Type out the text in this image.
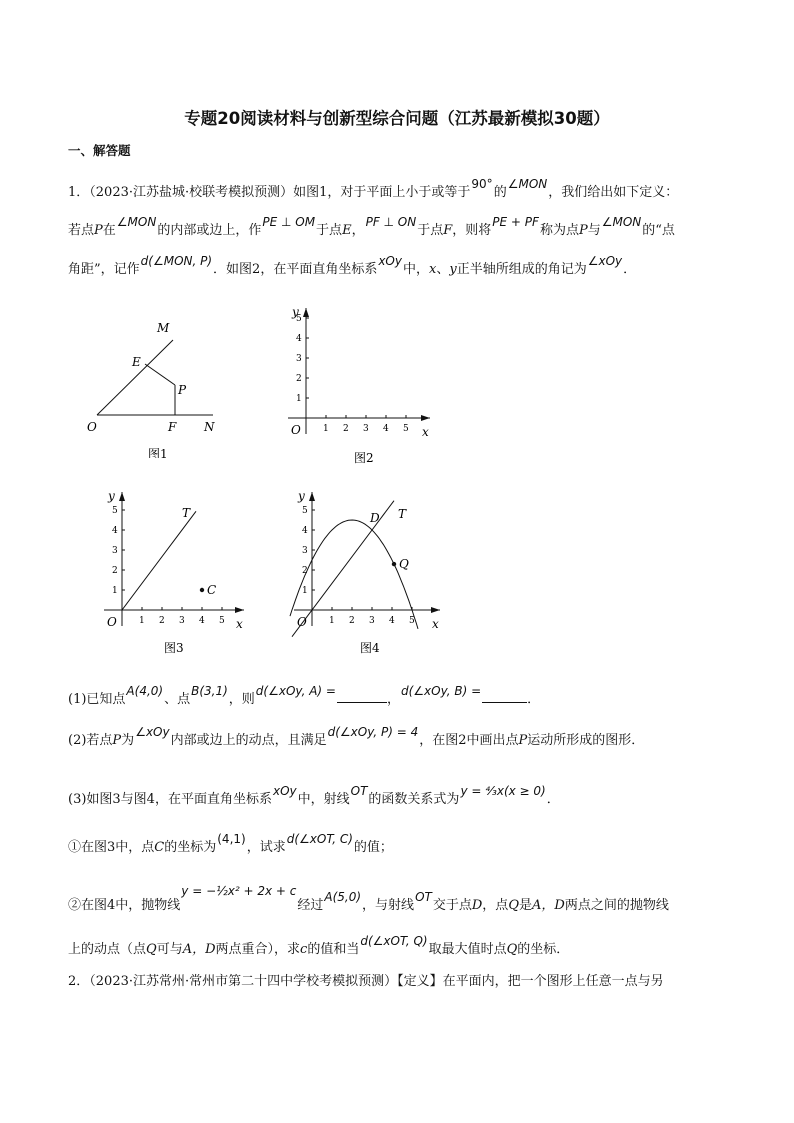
专题20阅读材料与创新型综合问题（江苏最新模拟30题）
一、解答题
1．（2023·江苏盐城·校联考模拟预测）如图1，对于平面上小于或等于90°的∠MON，我们给出如下定义：
若点P在∠MON的内部或边上，作PE ⊥ OM于点E，PF ⊥ ON于点F，则将PE + PF称为点P与∠MON的“点
角距”，记作d(∠MON, P)．如图2，在平面直角坐标系xOy中，x、y正半轴所组成的角记为∠xOy．
M
E
P
O	F N
图1
1 2 3 4 5
1
2
3
4
5
O	x
y
图2
1 2 3 4 5
1
2
3
4
5
O	x
y
T
C
图3
1 2 3 4 5
1
2
3
4
5
O	x
y
T
D
Q
图4
(1)已知点A(4,0)、点B(3,1)，则d(∠xOy, A) =，d(∠xOy, B) =．
(2)若点P为∠xOy内部或边上的动点，且满足d(∠xOy, P) = 4，在图2中画出点P运动所形成的图形．
(3)如图3与图4，在平面直角坐标系xOy中，射线OT的函数关系式为y = ⁴⁄₃x(x ≥ 0)．
①在图3中，点C的坐标为(4,1)，试求d(∠xOT, C)的值；
②在图4中，抛物线y = −½x² + 2x + c经过A(5,0)，与射线OT交于点D，点Q是A，D两点之间的抛物线
上的动点（点Q可与A，D两点重合），求c的值和当d(∠xOT, Q)取最大值时点Q的坐标．
2．（2023·江苏常州·常州市第二十四中学校考模拟预测）【定义】在平面内，把一个图形上任意一点与另
